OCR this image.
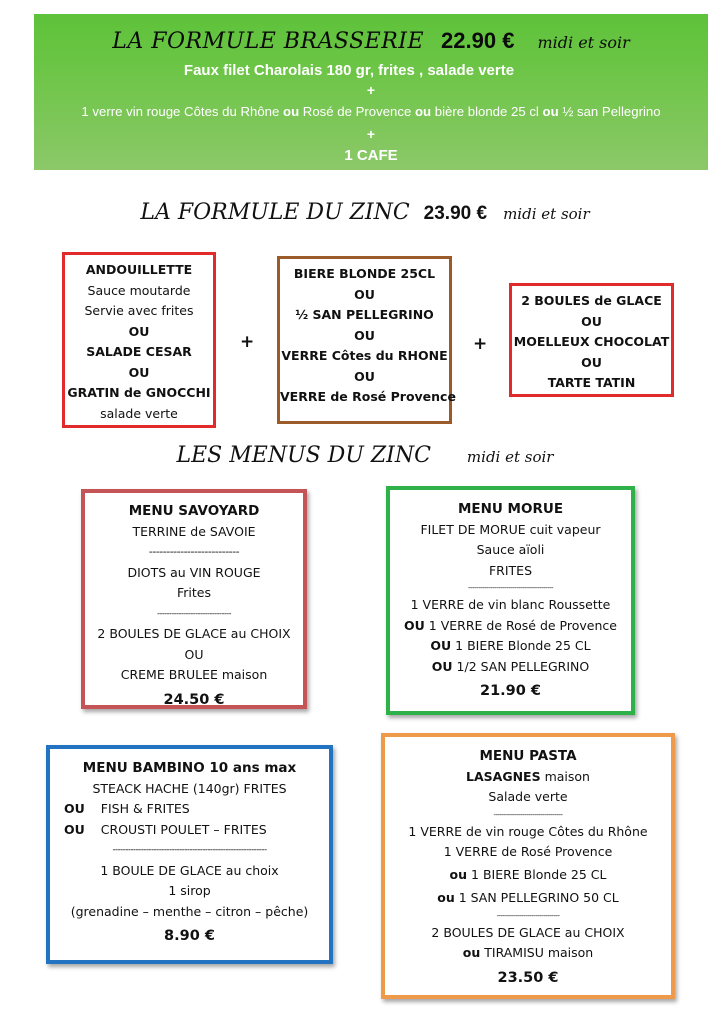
LA FORMULE BRASSERIE 22.90 € midi et soir
Faux filet Charolais 180 gr, frites , salade verte
+
1 verre vin rouge Côtes du Rhône ou Rosé de Provence ou bière blonde 25 cl ou ½ san Pellegrino
+
1 CAFE
LA FORMULE DU ZINC 23.90 € midi et soir
ANDOUILLETTE
Sauce moutarde
Servie avec frites
OU
SALADE CESAR
OU
GRATIN de GNOCCHI
salade verte
+
BIERE BLONDE 25CL
OU
½ SAN PELLEGRINO
OU
VERRE Côtes du RHONE
OU
VERRE de Rosé Provence
+
2 BOULES de GLACE
OU
MOELLEUX CHOCOLAT
OU
TARTE TATIN
LES MENUS DU ZINC midi et soir
MENU SAVOYARD
TERRINE de SAVOIE
--------------------------
DIOTS au VIN ROUGE
Frites
-------------------------------
2 BOULES DE GLACE au CHOIX
OU
CREME BRULEE maison
24.50 €
MENU MORUE
FILET DE MORUE cuit vapeur
Sauce aïoli
FRITES
------------------------------------------
1 VERRE de vin blanc Roussette
OU 1 VERRE de Rosé de Provence
OU 1 BIERE Blonde 25 CL
OU 1/2 SAN PELLEGRINO
21.90 €
MENU BAMBINO 10 ans max
STEACK HACHE (140gr) FRITES
OU FISH & FRITES
OU CROUSTI POULET – FRITES
------------------------------------------------------------
1 BOULE DE GLACE au choix
1 sirop
(grenadine – menthe – citron – pêche)
8.90 €
MENU PASTA
LASAGNES maison
Salade verte
----------------------------------
1 VERRE de vin rouge Côtes du Rhône
1 VERRE de Rosé Provence
ou 1 BIERE Blonde 25 CL
ou 1 SAN PELLEGRINO 50 CL
-------------------------------
2 BOULES DE GLACE au CHOIX
ou TIRAMISU maison
23.50 €
